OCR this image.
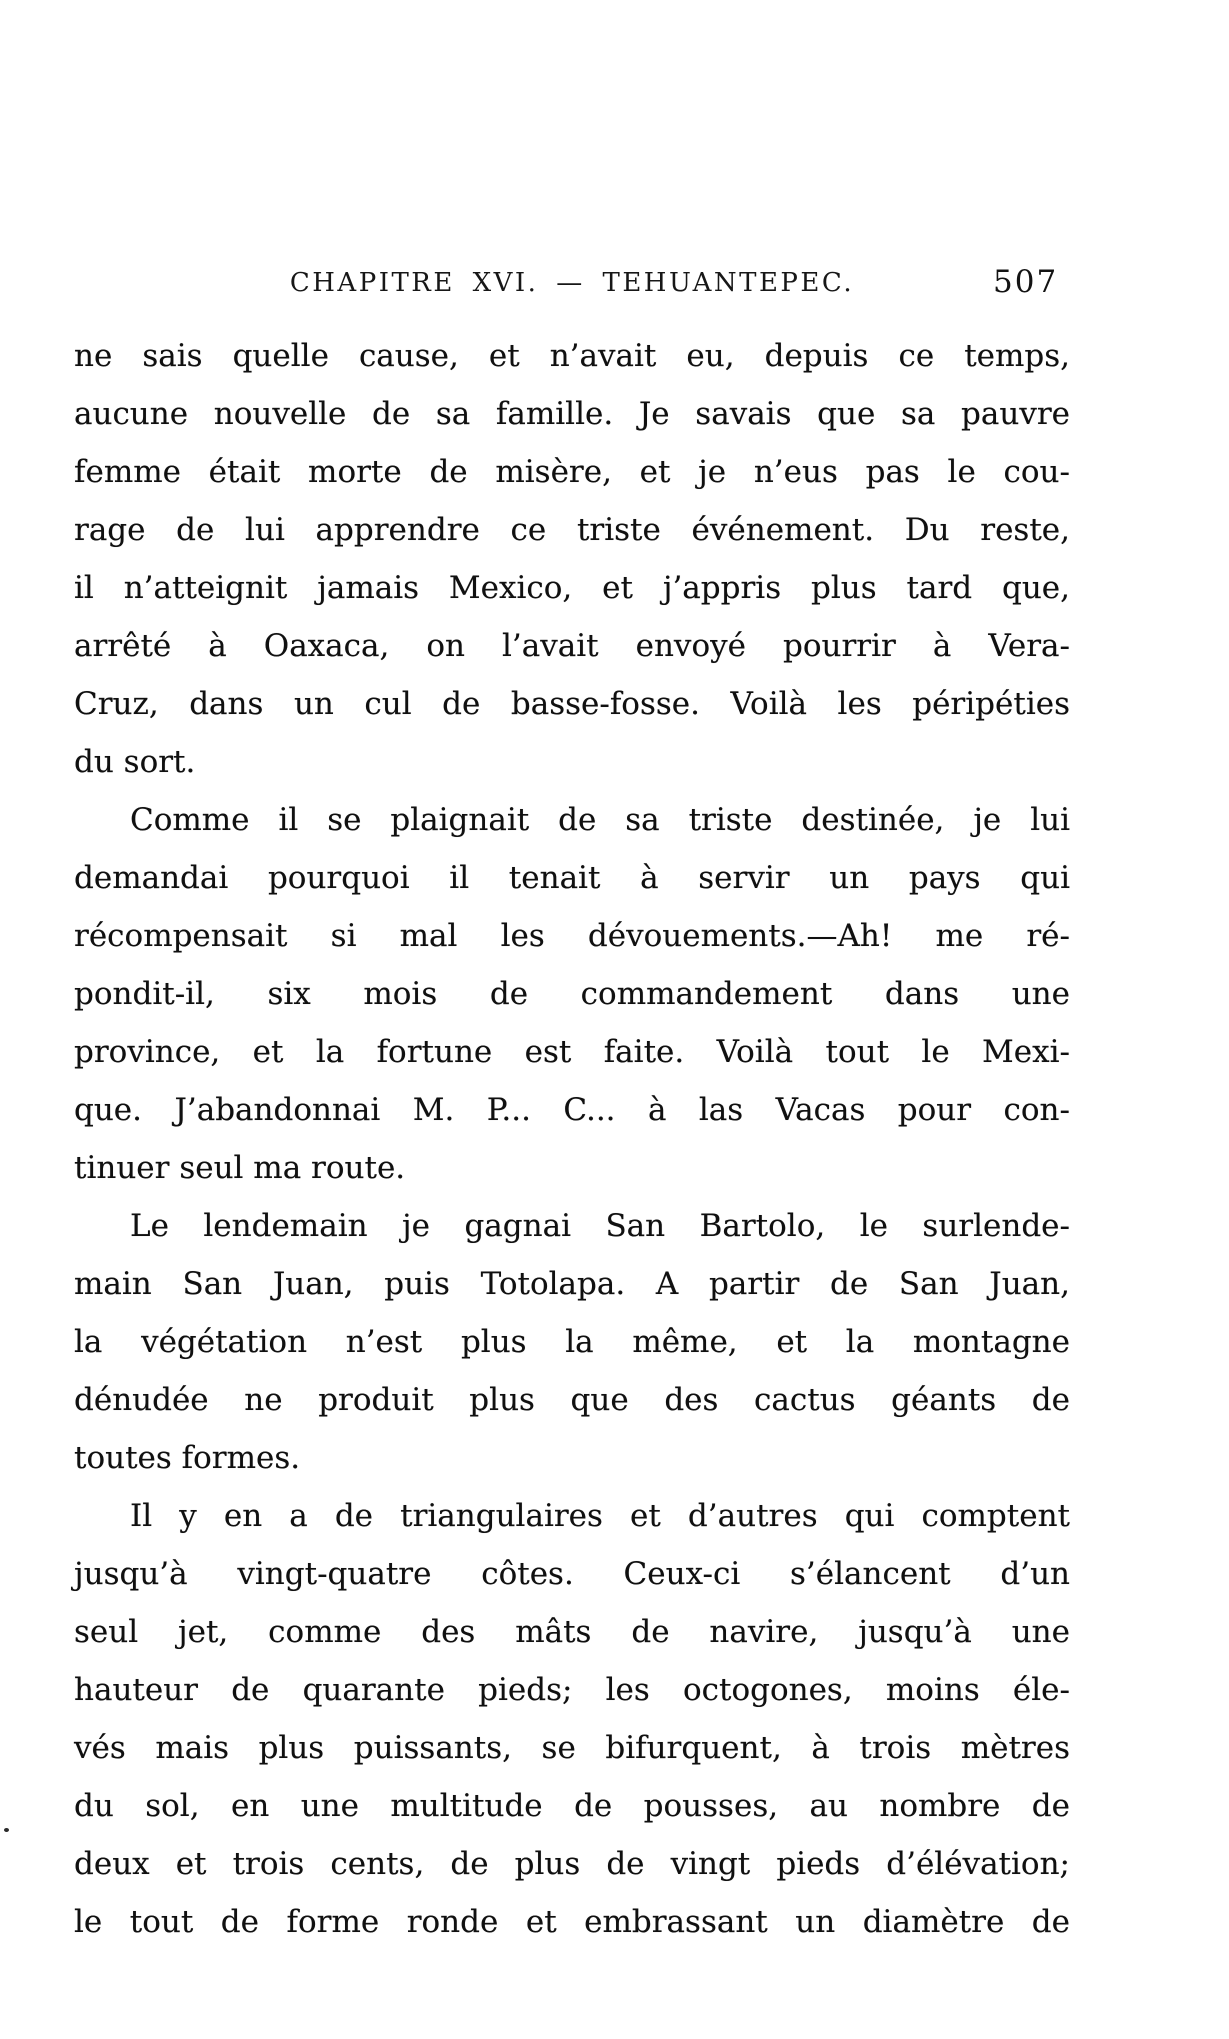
CHAPITRE XVI. — TEHUANTEPEC.	507
ne sais quelle cause, et n’avait eu, depuis ce temps,
aucune nouvelle de sa famille. Je savais que sa pauvre
femme était morte de misère, et je n’eus pas le cou-
rage de lui apprendre ce triste événement. Du reste,
il n’atteignit jamais Mexico, et j’appris plus tard que,
arrêté à Oaxaca, on l’avait envoyé pourrir à Vera-
Cruz, dans un cul de basse-fosse. Voilà les péripéties
du sort.
Comme il se plaignait de sa triste destinée, je lui
demandai pourquoi il tenait à servir un pays qui
récompensait si mal les dévouements.—Ah! me ré-
pondit-il, six mois de commandement dans une
province, et la fortune est faite. Voilà tout le Mexi-
que. J’abandonnai M. P... C... à las Vacas pour con-
tinuer seul ma route.
Le lendemain je gagnai San Bartolo, le surlende-
main San Juan, puis Totolapa. A partir de San Juan,
la végétation n’est plus la même, et la montagne
dénudée ne produit plus que des cactus géants de
toutes formes.
Il y en a de triangulaires et d’autres qui comptent
jusqu’à vingt-quatre côtes. Ceux-ci s’élancent d’un
seul jet, comme des mâts de navire, jusqu’à une
hauteur de quarante pieds; les octogones, moins éle-
vés mais plus puissants, se bifurquent, à trois mètres
du sol, en une multitude de pousses, au nombre de
deux et trois cents, de plus de vingt pieds d’élévation;
le tout de forme ronde et embrassant un diamètre de
